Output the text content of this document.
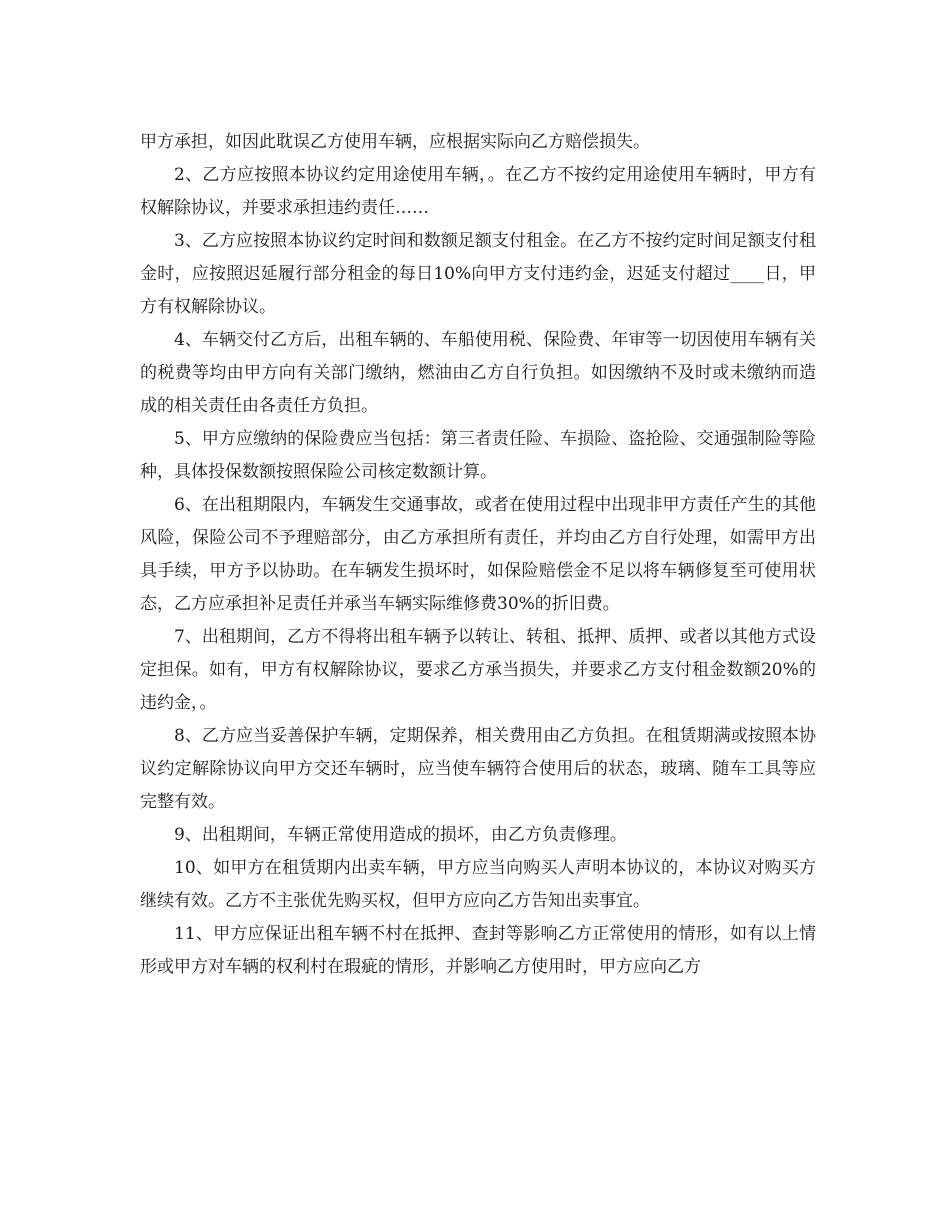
甲方承担，如因此耽误乙方使用车辆，应根据实际向乙方赔偿损失。

2、乙方应按照本协议约定用途使用车辆，。在乙方不按约定用途使用车辆时，甲方有权解除协议，并要求承担违约责任……

3、乙方应按照本协议约定时间和数额足额支付租金。在乙方不按约定时间足额支付租金时，应按照迟延履行部分租金的每日10%向甲方支付违约金，迟延支付超过____日，甲方有权解除协议。

4、车辆交付乙方后，出租车辆的、车船使用税、保险费、年审等一切因使用车辆有关的税费等均由甲方向有关部门缴纳，燃油由乙方自行负担。如因缴纳不及时或未缴纳而造成的相关责任由各责任方负担。

5、甲方应缴纳的保险费应当包括：第三者责任险、车损险、盗抢险、交通强制险等险种，具体投保数额按照保险公司核定数额计算。

6、在出租期限内，车辆发生交通事故，或者在使用过程中出现非甲方责任产生的其他风险，保险公司不予理赔部分，由乙方承担所有责任，并均由乙方自行处理，如需甲方出具手续，甲方予以协助。在车辆发生损坏时，如保险赔偿金不足以将车辆修复至可使用状态，乙方应承担补足责任并承当车辆实际维修费30%的折旧费。

7、出租期间，乙方不得将出租车辆予以转让、转租、抵押、质押、或者以其他方式设定担保。如有，甲方有权解除协议，要求乙方承当损失，并要求乙方支付租金数额20%的违约金，。

8、乙方应当妥善保护车辆，定期保养，相关费用由乙方负担。在租赁期满或按照本协议约定解除协议向甲方交还车辆时，应当使车辆符合使用后的状态，玻璃、随车工具等应完整有效。

9、出租期间，车辆正常使用造成的损坏，由乙方负责修理。

10、如甲方在租赁期内出卖车辆，甲方应当向购买人声明本协议的，本协议对购买方继续有效。乙方不主张优先购买权，但甲方应向乙方告知出卖事宜。

11、甲方应保证出租车辆不村在抵押、查封等影响乙方正常使用的情形，如有以上情形或甲方对车辆的权利村在瑕疵的情形，并影响乙方使用时，甲方应向乙方
